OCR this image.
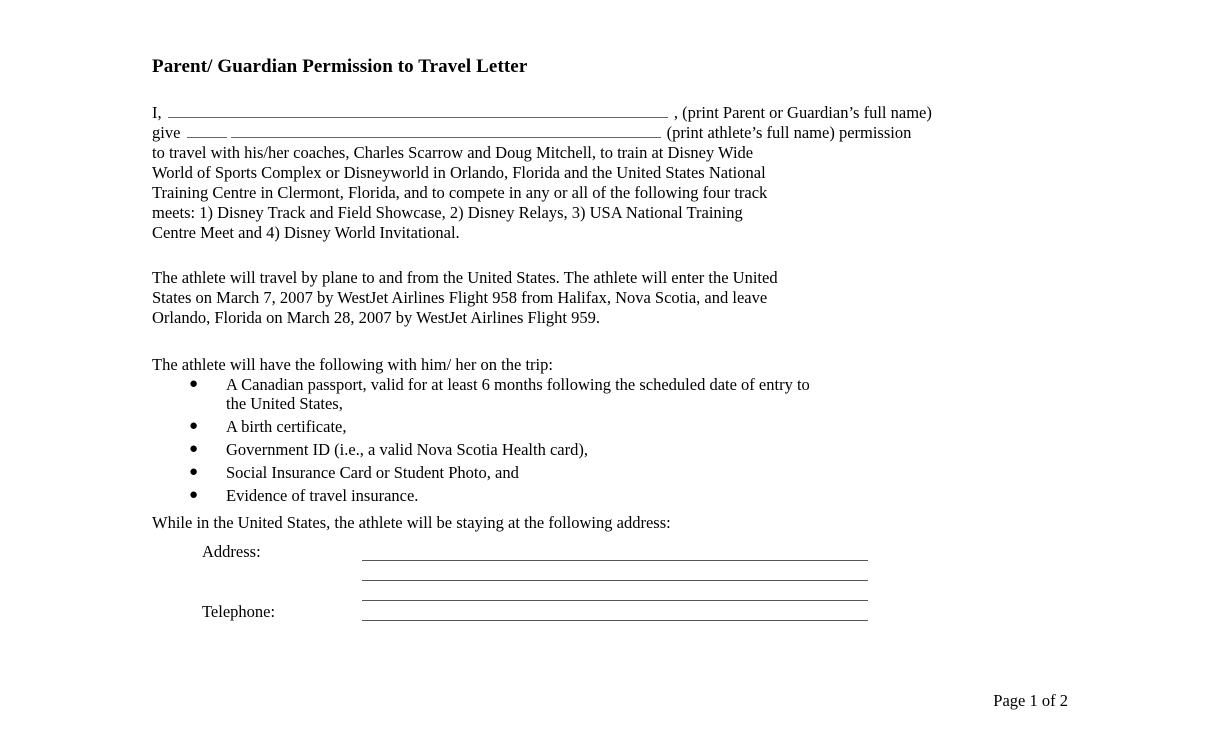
Parent/ Guardian Permission to Travel Letter
I,	, (print Parent or Guardian’s full name)
give	(print athlete’s full name) permission
to travel with his/her coaches, Charles Scarrow and Doug Mitchell, to train at Disney Wide
World of Sports Complex or Disneyworld in Orlando, Florida and the United States National
Training Centre in Clermont, Florida, and to compete in any or all of the following four track
meets: 1) Disney Track and Field Showcase, 2) Disney Relays, 3) USA National Training
Centre Meet and 4) Disney World Invitational.
The athlete will travel by plane to and from the United States. The athlete will enter the United
States on March 7, 2007 by WestJet Airlines Flight 958 from Halifax, Nova Scotia, and leave
Orlando, Florida on March 28, 2007 by WestJet Airlines Flight 959.
The athlete will have the following with him/ her on the trip:
● A Canadian passport, valid for at least 6 months following the scheduled date of entry to
the United States,
● A birth certificate,
● Government ID (i.e., a valid Nova Scotia Health card),
● Social Insurance Card or Student Photo, and
● Evidence of travel insurance.
While in the United States, the athlete will be staying at the following address:
Address:
Telephone:
Page 1 of 2
